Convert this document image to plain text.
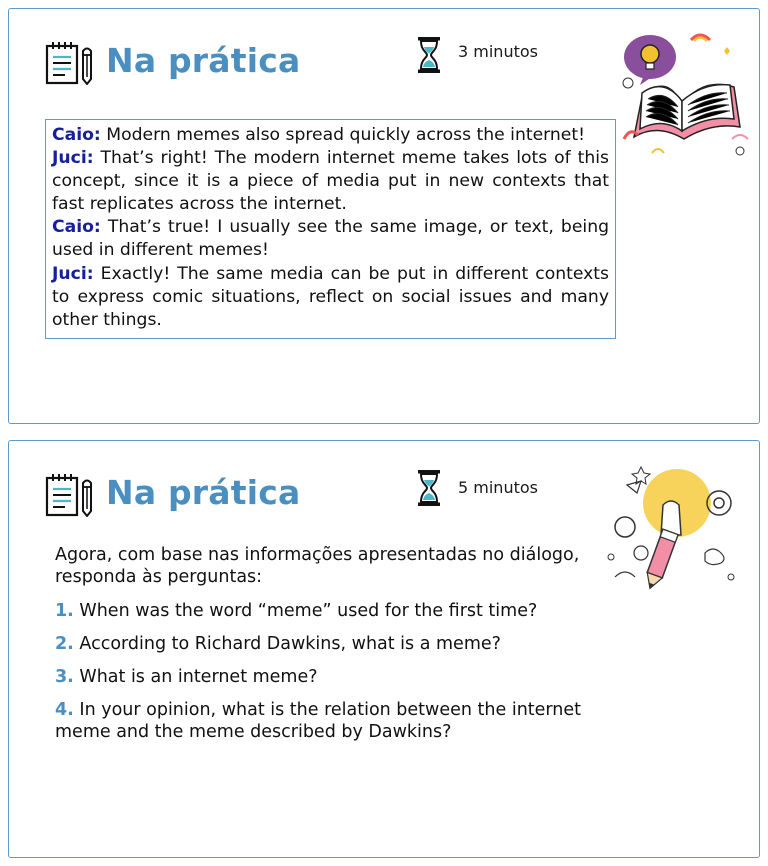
Na prática	3 minutos
Caio: Modern memes also spread quickly across the internet!
Juci: That’s right! The modern internet meme takes lots of this concept, since it is a piece of media put in new contexts that fast replicates across the internet.
Caio: That’s true! I usually see the same image, or text, being used in different memes!
Juci: Exactly! The same media can be put in different contexts to express comic situations, reflect on social issues and many other things.
Na prática	5 minutos
Agora, com base nas informações apresentadas no diálogo, responda às perguntas:
1. When was the word “meme” used for the first time?
2. According to Richard Dawkins, what is a meme?
3. What is an internet meme?
4. In your opinion, what is the relation between the internet meme and the meme described by Dawkins?
